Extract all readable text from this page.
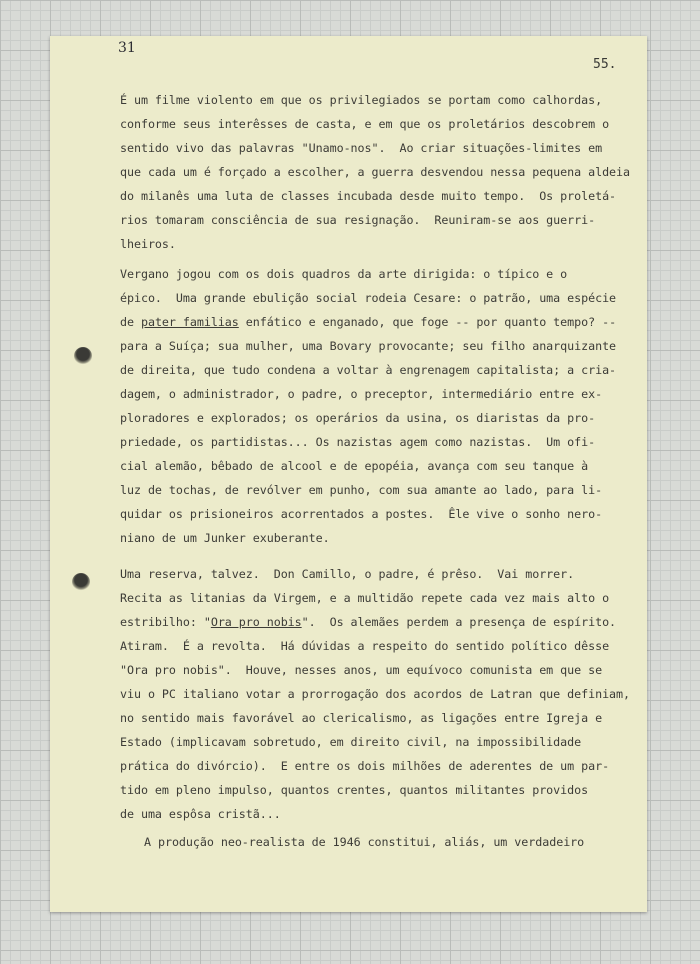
31
55.
É um filme violento em que os privilegiados se portam como calhordas,
conforme seus interêsses de casta, e em que os proletários descobrem o
sentido vivo das palavras "Unamo-nos".  Ao criar situações-limites em
que cada um é forçado a escolher, a guerra desvendou nessa pequena aldeia
do milanês uma luta de classes incubada desde muito tempo.  Os proletá-
rios tomaram consciência de sua resignação.  Reuniram-se aos guerri-
lheiros.
Vergano jogou com os dois quadros da arte dirigida: o típico e o
épico.  Uma grande ebulição social rodeia Cesare: o patrão, uma espécie
de pater familias enfático e enganado, que foge -- por quanto tempo? --
para a Suíça; sua mulher, uma Bovary provocante; seu filho anarquizante
de direita, que tudo condena a voltar à engrenagem capitalista; a cria-
dagem, o administrador, o padre, o preceptor, intermediário entre ex-
ploradores e explorados; os operários da usina, os diaristas da pro-
priedade, os partidistas... Os nazistas agem como nazistas.  Um ofi-
cial alemão, bêbado de alcool e de epopéia, avança com seu tanque à
luz de tochas, de revólver em punho, com sua amante ao lado, para li-
quidar os prisioneiros acorrentados a postes.  Êle vive o sonho nero-
niano de um Junker exuberante.
Uma reserva, talvez.  Don Camillo, o padre, é prêso.  Vai morrer.
Recita as litanias da Virgem, e a multidão repete cada vez mais alto o
estribilho: "Ora pro nobis".  Os alemães perdem a presença de espírito.
Atiram.  É a revolta.  Há dúvidas a respeito do sentido político dêsse
"Ora pro nobis".  Houve, nesses anos, um equívoco comunista em que se
viu o PC italiano votar a prorrogação dos acordos de Latran que definiam,
no sentido mais favorável ao clericalismo, as ligações entre Igreja e
Estado (implicavam sobretudo, em direito civil, na impossibilidade
prática do divórcio).  E entre os dois milhões de aderentes de um par-
tido em pleno impulso, quantos crentes, quantos militantes providos
de uma espôsa cristã...
A produção neo-realista de 1946 constitui, aliás, um verdadeiro
